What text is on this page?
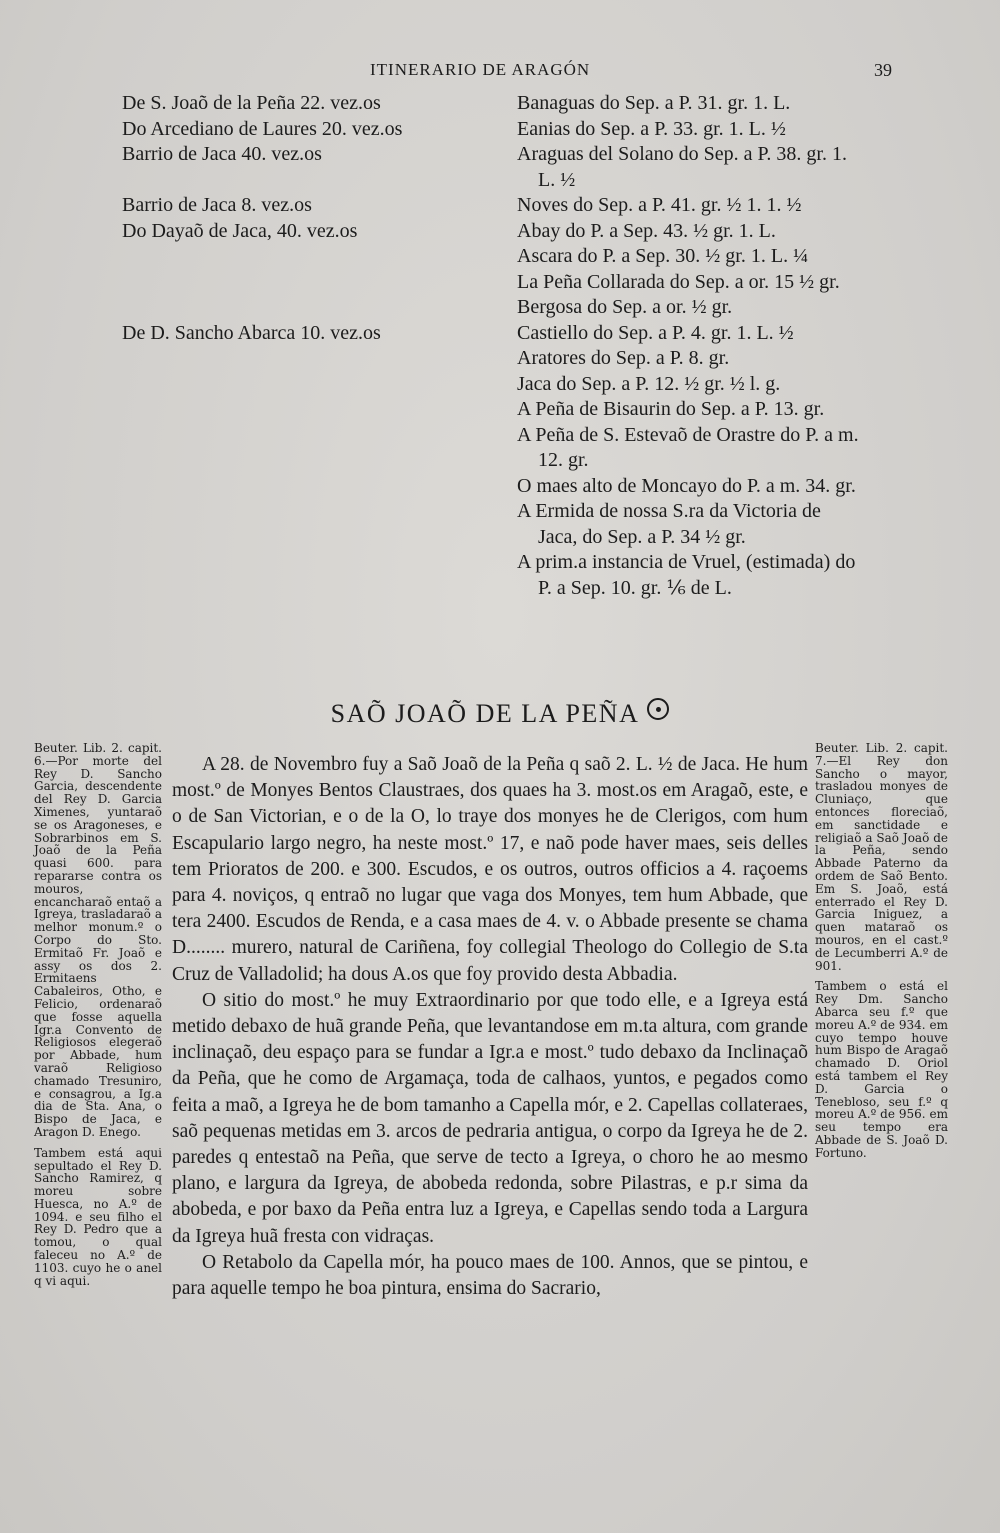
ITINERARIO DE ARAGÓN	39
De S. Joaõ de la Peña 22. vez.os
Do Arcediano de Laures 20. vez.os
Barrio de Jaca 40. vez.os

Barrio de Jaca 8. vez.os
Do Dayaõ de Jaca, 40. vez.os

De D. Sancho Abarca 10. vez.os
Banaguas do Sep. a P. 31. gr. 1. L.
Eanias do Sep. a P. 33. gr. 1. L. ½
Araguas del Solano do Sep. a P. 38. gr. 1. L. ½
Noves do Sep. a P. 41. gr. ½ 1. 1. ½
Abay do P. a Sep. 43. ½ gr. 1. L.
Ascara do P. a Sep. 30. ½ gr. 1. L. ¼
La Peña Collarada do Sep. a or. 15 ½ gr.
Bergosa do Sep. a or. ½ gr.
Castiello do Sep. a P. 4. gr. 1. L. ½
Aratores do Sep. a P. 8. gr.
Jaca do Sep. a P. 12. ½ gr. ½ l. g.
A Peña de Bisaurin do Sep. a P. 13. gr.
A Peña de S. Estevaõ de Orastre do P. a m. 12. gr.
O maes alto de Moncayo do P. a m. 34. gr.
A Ermida de nossa S.ra da Victoria de Jaca, do Sep. a P. 34 ½ gr.
A prim.a instancia de Vruel, (estimada) do P. a Sep. 10. gr. ⅙ de L.
SAÕ JOAÕ DE LA PEÑA

Beuter. Lib. 2. capit. 6.—Por morte del Rey D. Sancho Garcia, descendente del Rey D. Garcia Ximenes, yuntaraõ se os Aragoneses, e Sobrarbinos em S. Joaõ de la Peña quasi 600. para repararse contra os mouros, encancharaõ entaõ a Igreya, trasladaraõ a melhor monum.º o Corpo do Sto. Ermitaõ Fr. Joaõ e assy os dos 2. Ermitaens Cabaleiros, Otho, e Felicio, ordenaraõ que fosse aquella Igr.a Convento de Religiosos elegeraõ por Abbade, hum varaõ Religioso chamado Tresuniro, e consagrou, a Ig.a dia de Sta. Ana, o Bispo de Jaca, e Aragon D. Enego.

Tambem está aqui sepultado el Rey D. Sancho Ramirez, q moreu sobre Huesca, no A.º de 1094. e seu filho el Rey D. Pedro que a tomou, o qual faleceu no A.º de 1103. cuyo he o anel q vi aqui.

A 28. de Novembro fuy a Saõ Joaõ de la Peña q saõ 2. L. ½ de Jaca. He hum most.º de Monyes Bentos Claustraes, dos quaes ha 3. most.os em Aragaõ, este, e o de San Victorian, e o de la O, lo traye dos monyes he de Clerigos, com hum Escapulario largo negro, ha neste most.º 17, e naõ pode haver maes, seis delles tem Prioratos de 200. e 300. Escudos, e os outros, outros officios a 4. raçoems para 4. noviços, q entraõ no lugar que vaga dos Monyes, tem hum Abbade, que tera 2400. Escudos de Renda, e a casa maes de 4. v. o Abbade presente se chama D........ murero, natural de Cariñena, foy collegial Theologo do Collegio de S.ta Cruz de Valladolid; ha dous A.os que foy provido desta Abbadia.

O sitio do most.º he muy Extraordinario por que todo elle, e a Igreya está metido debaxo de huã grande Peña, que levantandose em m.ta altura, com grande inclinaçaõ, deu espaço para se fundar a Igr.a e most.º tudo debaxo da Inclinaçaõ da Peña, que he como de Argamaça, toda de calhaos, yuntos, e pegados como feita a maõ, a Igreya he de bom tamanho a Capella mór, e 2. Capellas collateraes, saõ pequenas metidas em 3. arcos de pedraria antigua, o corpo da Igreya he de 2. paredes q entestaõ na Peña, que serve de tecto a Igreya, o choro he ao mesmo plano, e largura da Igreya, de abobeda redonda, sobre Pilastras, e p.r sima da abobeda, e por baxo da Peña entra luz a Igreya, e Capellas sendo toda a Largura da Igreya huã fresta con vidraças.

O Retabolo da Capella mór, ha pouco maes de 100. Annos, que se pintou, e para aquelle tempo he boa pintura, ensima do Sacrario,

Beuter. Lib. 2. capit. 7.—El Rey don Sancho o mayor, trasladou monyes de Cluniaço, que entonces floreciaõ, em sanctidade e religiaõ a Saõ Joaõ de la Peña, sendo Abbade Paterno da ordem de Saõ Bento. Em S. Joaõ, está enterrado el Rey D. Garcia Iniguez, a quen mataraõ os mouros, en el cast.º de Lecumberri A.º de 901.

Tambem o está el Rey Dm. Sancho Abarca seu f.º que moreu A.º de 934. em cuyo tempo houve hum Bispo de Aragaõ chamado D. Oriol está tambem el Rey D. Garcia o Teneblosо, seu f.º q moreu A.º de 956. em seu tempo era Abbade de S. Joaõ D. Fortuno.
